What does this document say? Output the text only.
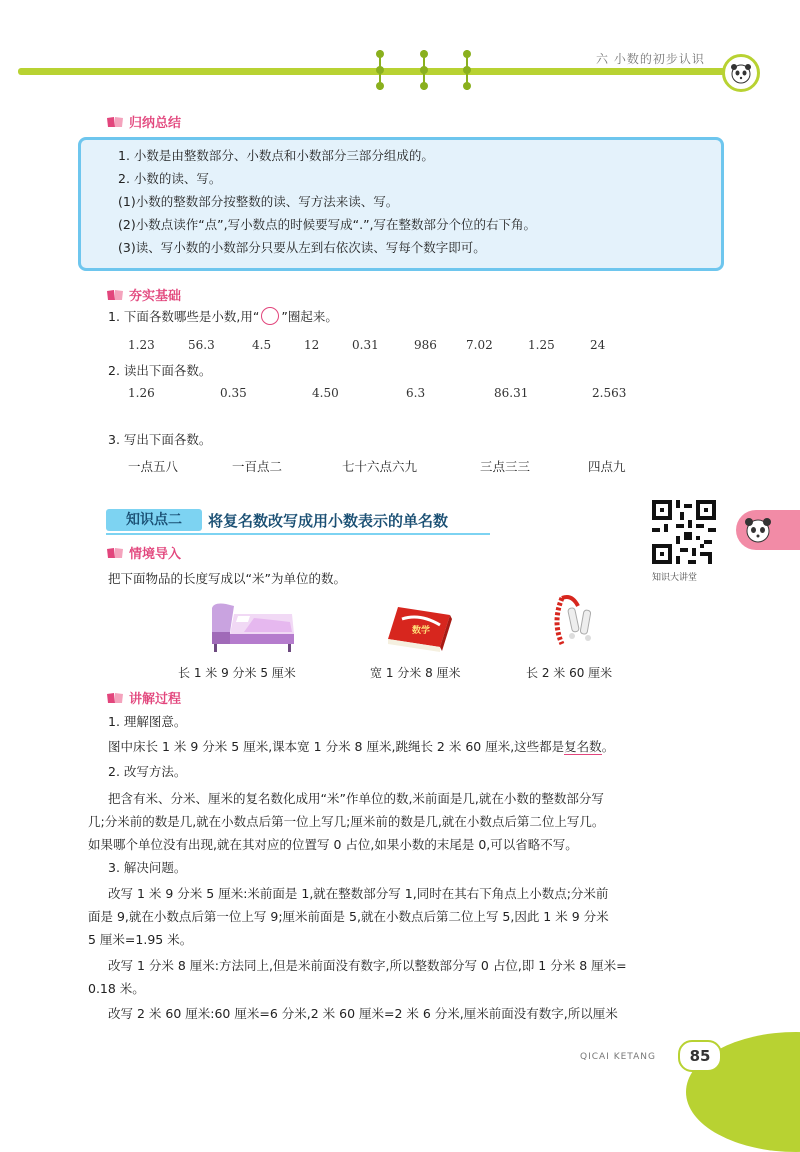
六 小数的初步认识
归纳总结
1. 小数是由整数部分、小数点和小数部分三部分组成的。
2. 小数的读、写。
(1)小数的整数部分按整数的读、写方法来读、写。
(2)小数点读作“点”,写小数点的时候要写成“.”,写在整数部分个位的右下角。
(3)读、写小数的小数部分只要从左到右依次读、写每个数字即可。
夯实基础
1. 下面各数哪些是小数,用“ ○ ”圈起来。
1.23	56.3	4.5	12	0.31	986 7.02	1.25	24
2. 读出下面各数。
1.26	0.35	4.50	6.3	86.31	2.563
3. 写出下面各数。
一点五八	一百点二	七十六点六九	三点三三	四点九
知识点二	将复名数改写成用小数表示的单名数
知识大讲堂
情境导入
把下面物品的长度写成以“米”为单位的数。
数学
长 1 米 9 分米 5 厘米	宽 1 分米 8 厘米	长 2 米 60 厘米
讲解过程
1. 理解图意。
图中床长 1 米 9 分米 5 厘米,课本宽 1 分米 8 厘米,跳绳长 2 米 60 厘米,这些都是复名数。
2. 改写方法。
把含有米、分米、厘米的复名数化成用“米”作单位的数,米前面是几,就在小数的整数部分写
几;分米前的数是几,就在小数点后第一位上写几;厘米前的数是几,就在小数点后第二位上写几。
如果哪个单位没有出现,就在其对应的位置写 0 占位,如果小数的末尾是 0,可以省略不写。
3. 解决问题。
改写 1 米 9 分米 5 厘米:米前面是 1,就在整数部分写 1,同时在其右下角点上小数点;分米前
面是 9,就在小数点后第一位上写 9;厘米前面是 5,就在小数点后第二位上写 5,因此 1 米 9 分米
5 厘米=1.95 米。
改写 1 分米 8 厘米:方法同上,但是米前面没有数字,所以整数部分写 0 占位,即 1 分米 8 厘米=
0.18 米。
改写 2 米 60 厘米:60 厘米=6 分米,2 米 60 厘米=2 米 6 分米,厘米前面没有数字,所以厘米
QICAI KETANG	85
